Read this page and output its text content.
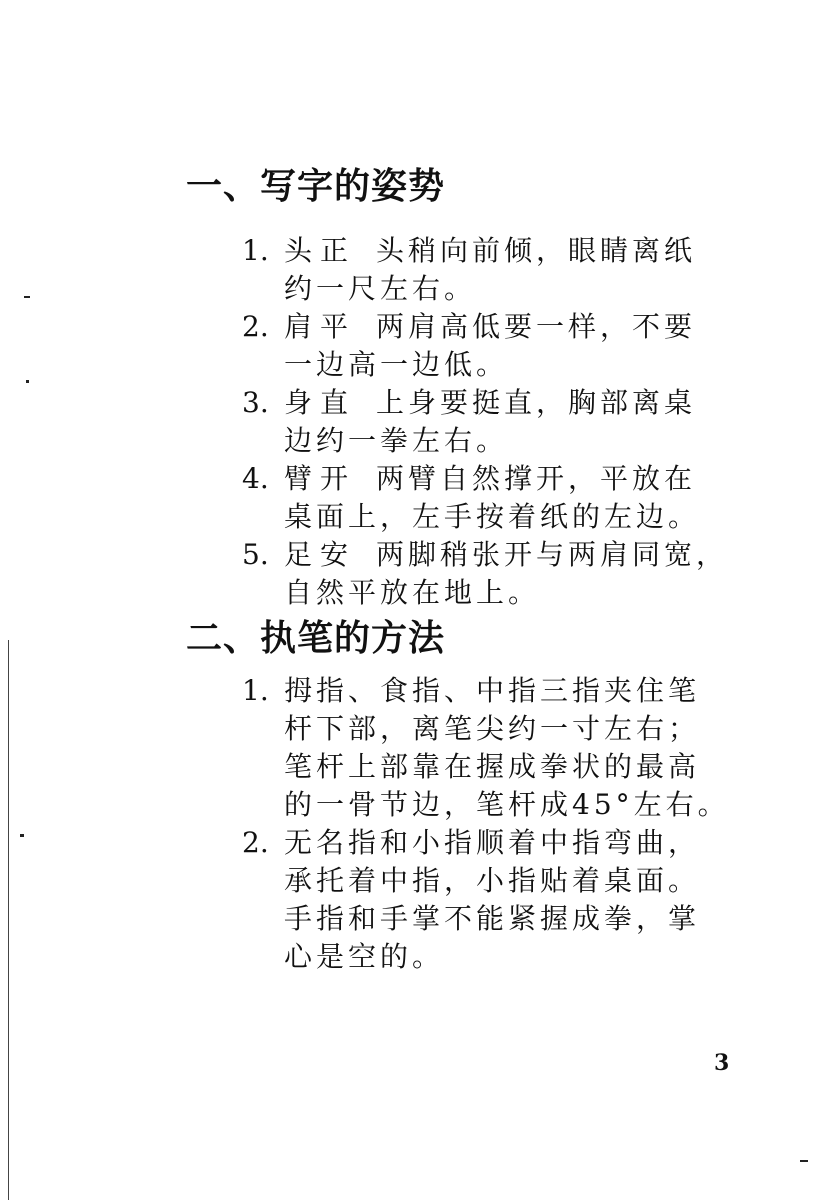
一、写字的姿势
1. 头正 头稍向前倾，眼睛离纸
约一尺左右。
2. 肩平 两肩高低要一样，不要
一边高一边低。
3. 身直 上身要挺直，胸部离桌
边约一拳左右。
4. 臂开 两臂自然撑开，平放在
桌面上，左手按着纸的左边。
5. 足安 两脚稍张开与两肩同宽，
自然平放在地上。
二、执笔的方法
1. 拇指、食指、中指三指夹住笔
杆下部，离笔尖约一寸左右；
笔杆上部靠在握成拳状的最高
的一骨节边，笔杆成45°左右。
2. 无名指和小指顺着中指弯曲，
承托着中指，小指贴着桌面。
手指和手掌不能紧握成拳，掌
心是空的。
3
